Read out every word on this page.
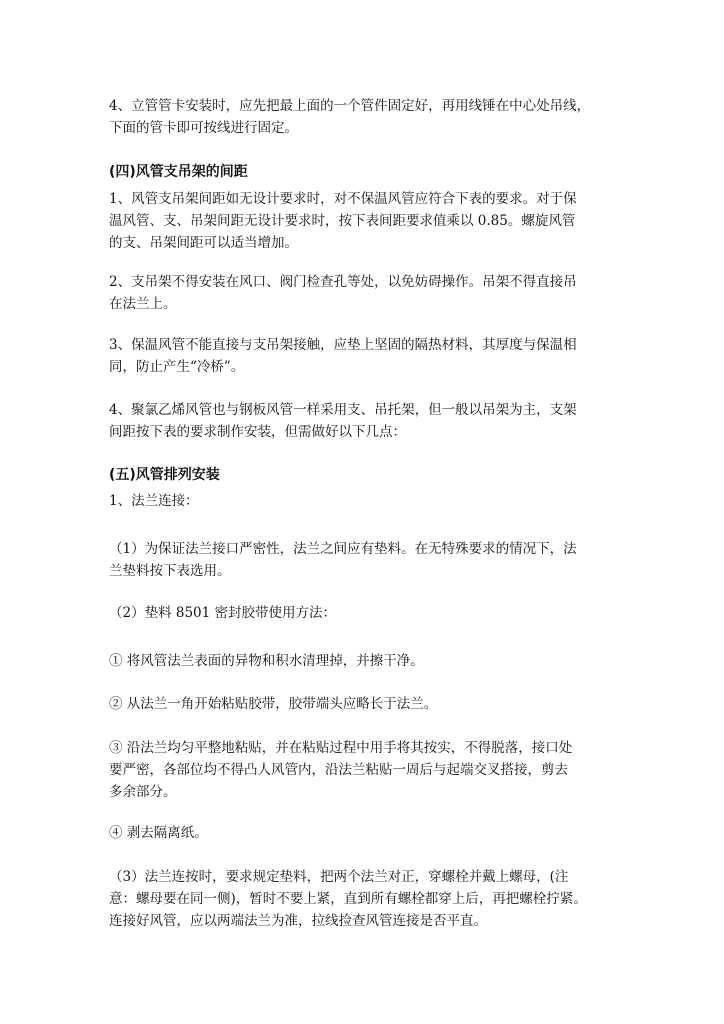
4、立管管卡安装时，应先把最上面的一个管件固定好，再用线锤在中心处吊线，

下面的管卡即可按线进行固定。

(四)风管支吊架的间距

1、风管支吊架间距如无设计要求时，对不保温风管应符合下表的要求。对于保

温风管、支、吊架间距无设计要求时，按下表间距要求值乘以 0.85。螺旋风管

的支、吊架间距可以适当增加。

2、支吊架不得安装在风口、阀门检查孔等处，以免妨碍操作。吊架不得直接吊

在法兰上。

3、保温风管不能直接与支吊架接触，应垫上坚固的隔热材料，其厚度与保温相

同，防止产生“冷桥”。

4、聚氯乙烯风管也与钢板风管一样采用支、吊托架，但一般以吊架为主，支架

间距按下表的要求制作安装，但需做好以下几点：

(五)风管排列安装

1、法兰连接：

（1）为保证法兰接口严密性，法兰之间应有垫料。在无特殊要求的情况下，法

兰垫料按下表选用。

（2）垫料 8501 密封胶带使用方法：

① 将风管法兰表面的异物和积水清理掉，并擦干净。

② 从法兰一角开始粘贴胶带，胶带端头应略长于法兰。

③ 沿法兰均匀平整地粘贴，并在粘贴过程中用手将其按实，不得脱落，接口处

要严密，各部位均不得凸人风管内，沿法兰粘贴一周后与起端交叉搭接，剪去

多余部分。

④ 剥去隔离纸。

（3）法兰连按时，要求规定垫料，把两个法兰对正，穿螺栓并戴上螺母，(注

意：螺母要在同一侧)，暂时不要上紧，直到所有螺栓都穿上后，再把螺栓拧紧。

连接好风管，应以两端法兰为准，拉线捡查风管连接是否平直。
